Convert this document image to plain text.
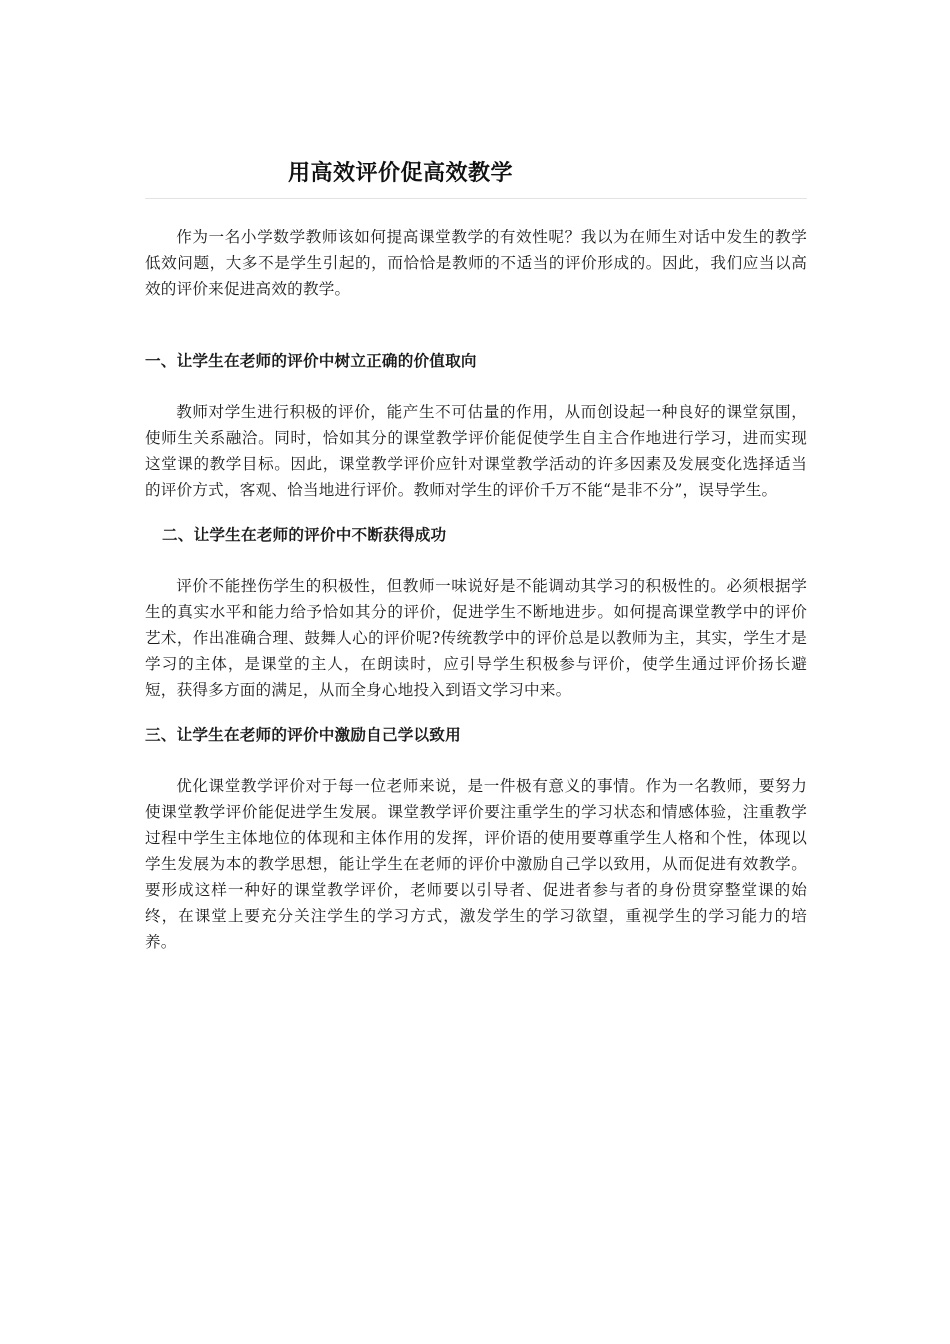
用高效评价促高效教学

作为一名小学数学教师该如何提高课堂教学的有效性呢？我以为在师生对话中发生的教学低效问题，大多不是学生引起的，而恰恰是教师的不适当的评价形成的。因此，我们应当以高效的评价来促进高效的教学。

一、让学生在老师的评价中树立正确的价值取向

教师对学生进行积极的评价，能产生不可估量的作用，从而创设起一种良好的课堂氛围，使师生关系融洽。同时，恰如其分的课堂教学评价能促使学生自主合作地进行学习，进而实现这堂课的教学目标。因此，课堂教学评价应针对课堂教学活动的许多因素及发展变化选择适当的评价方式，客观、恰当地进行评价。教师对学生的评价千万不能“是非不分”，误导学生。

二、让学生在老师的评价中不断获得成功

评价不能挫伤学生的积极性，但教师一味说好是不能调动其学习的积极性的。必须根据学生的真实水平和能力给予恰如其分的评价，促进学生不断地进步。如何提高课堂教学中的评价艺术，作出准确合理、鼓舞人心的评价呢?传统教学中的评价总是以教师为主，其实，学生才是学习的主体，是课堂的主人，在朗读时，应引导学生积极参与评价，使学生通过评价扬长避短，获得多方面的满足，从而全身心地投入到语文学习中来。

三、让学生在老师的评价中激励自己学以致用

优化课堂教学评价对于每一位老师来说，是一件极有意义的事情。作为一名教师，要努力使课堂教学评价能促进学生发展。课堂教学评价要注重学生的学习状态和情感体验，注重教学过程中学生主体地位的体现和主体作用的发挥，评价语的使用要尊重学生人格和个性，体现以学生发展为本的教学思想，能让学生在老师的评价中激励自己学以致用，从而促进有效教学。要形成这样一种好的课堂教学评价，老师要以引导者、促进者参与者的身份贯穿整堂课的始终，在课堂上要充分关注学生的学习方式，激发学生的学习欲望，重视学生的学习能力的培养。
